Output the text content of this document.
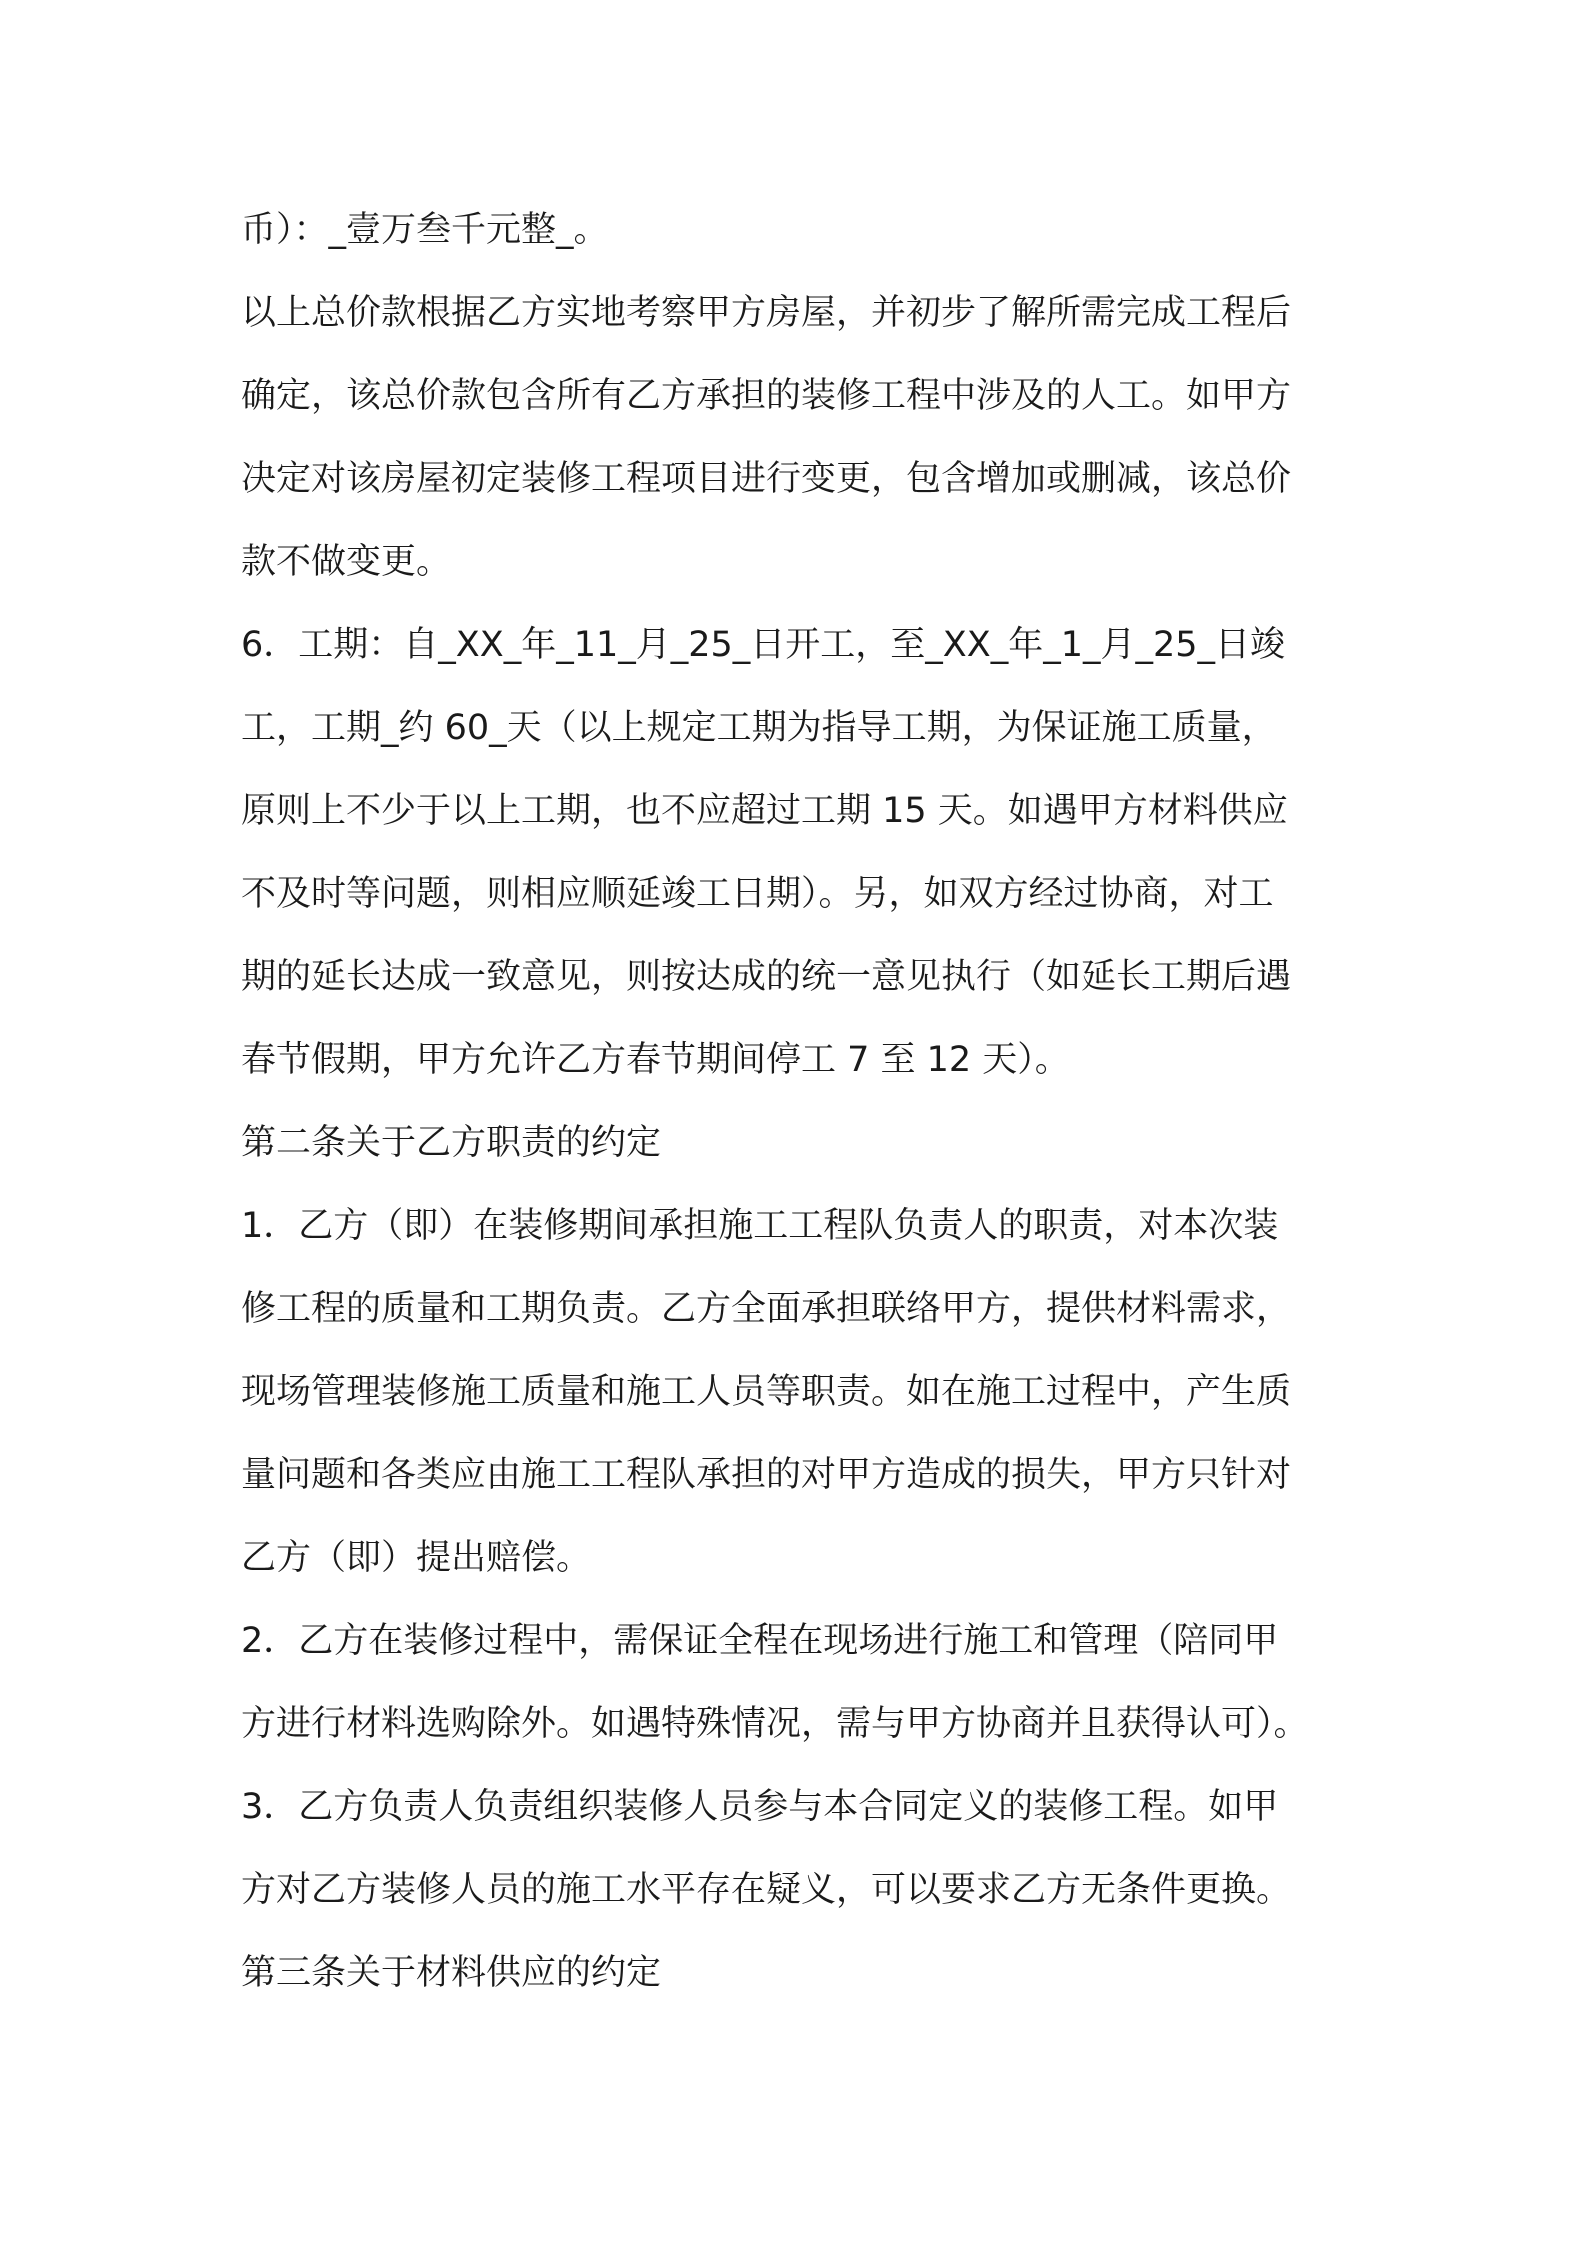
币）：_壹万叁千元整_。
以上总价款根据乙方实地考察甲方房屋，并初步了解所需完成工程后
确定，该总价款包含所有乙方承担的装修工程中涉及的人工。如甲方
决定对该房屋初定装修工程项目进行变更，包含增加或删减，该总价
款不做变更。
6．工期：自_XX_年_11_月_25_日开工，至_XX_年_1_月_25_日竣
工，工期_约 60_天（以上规定工期为指导工期，为保证施工质量，
原则上不少于以上工期，也不应超过工期 15 天。如遇甲方材料供应
不及时等问题，则相应顺延竣工日期）。另，如双方经过协商，对工
期的延长达成一致意见，则按达成的统一意见执行（如延长工期后遇
春节假期，甲方允许乙方春节期间停工 7 至 12 天）。
第二条关于乙方职责的约定
1．乙方（即）在装修期间承担施工工程队负责人的职责，对本次装
修工程的质量和工期负责。乙方全面承担联络甲方，提供材料需求，
现场管理装修施工质量和施工人员等职责。如在施工过程中，产生质
量问题和各类应由施工工程队承担的对甲方造成的损失，甲方只针对
乙方（即）提出赔偿。
2．乙方在装修过程中，需保证全程在现场进行施工和管理（陪同甲
方进行材料选购除外。如遇特殊情况，需与甲方协商并且获得认可）。
3．乙方负责人负责组织装修人员参与本合同定义的装修工程。如甲
方对乙方装修人员的施工水平存在疑义，可以要求乙方无条件更换。
第三条关于材料供应的约定
